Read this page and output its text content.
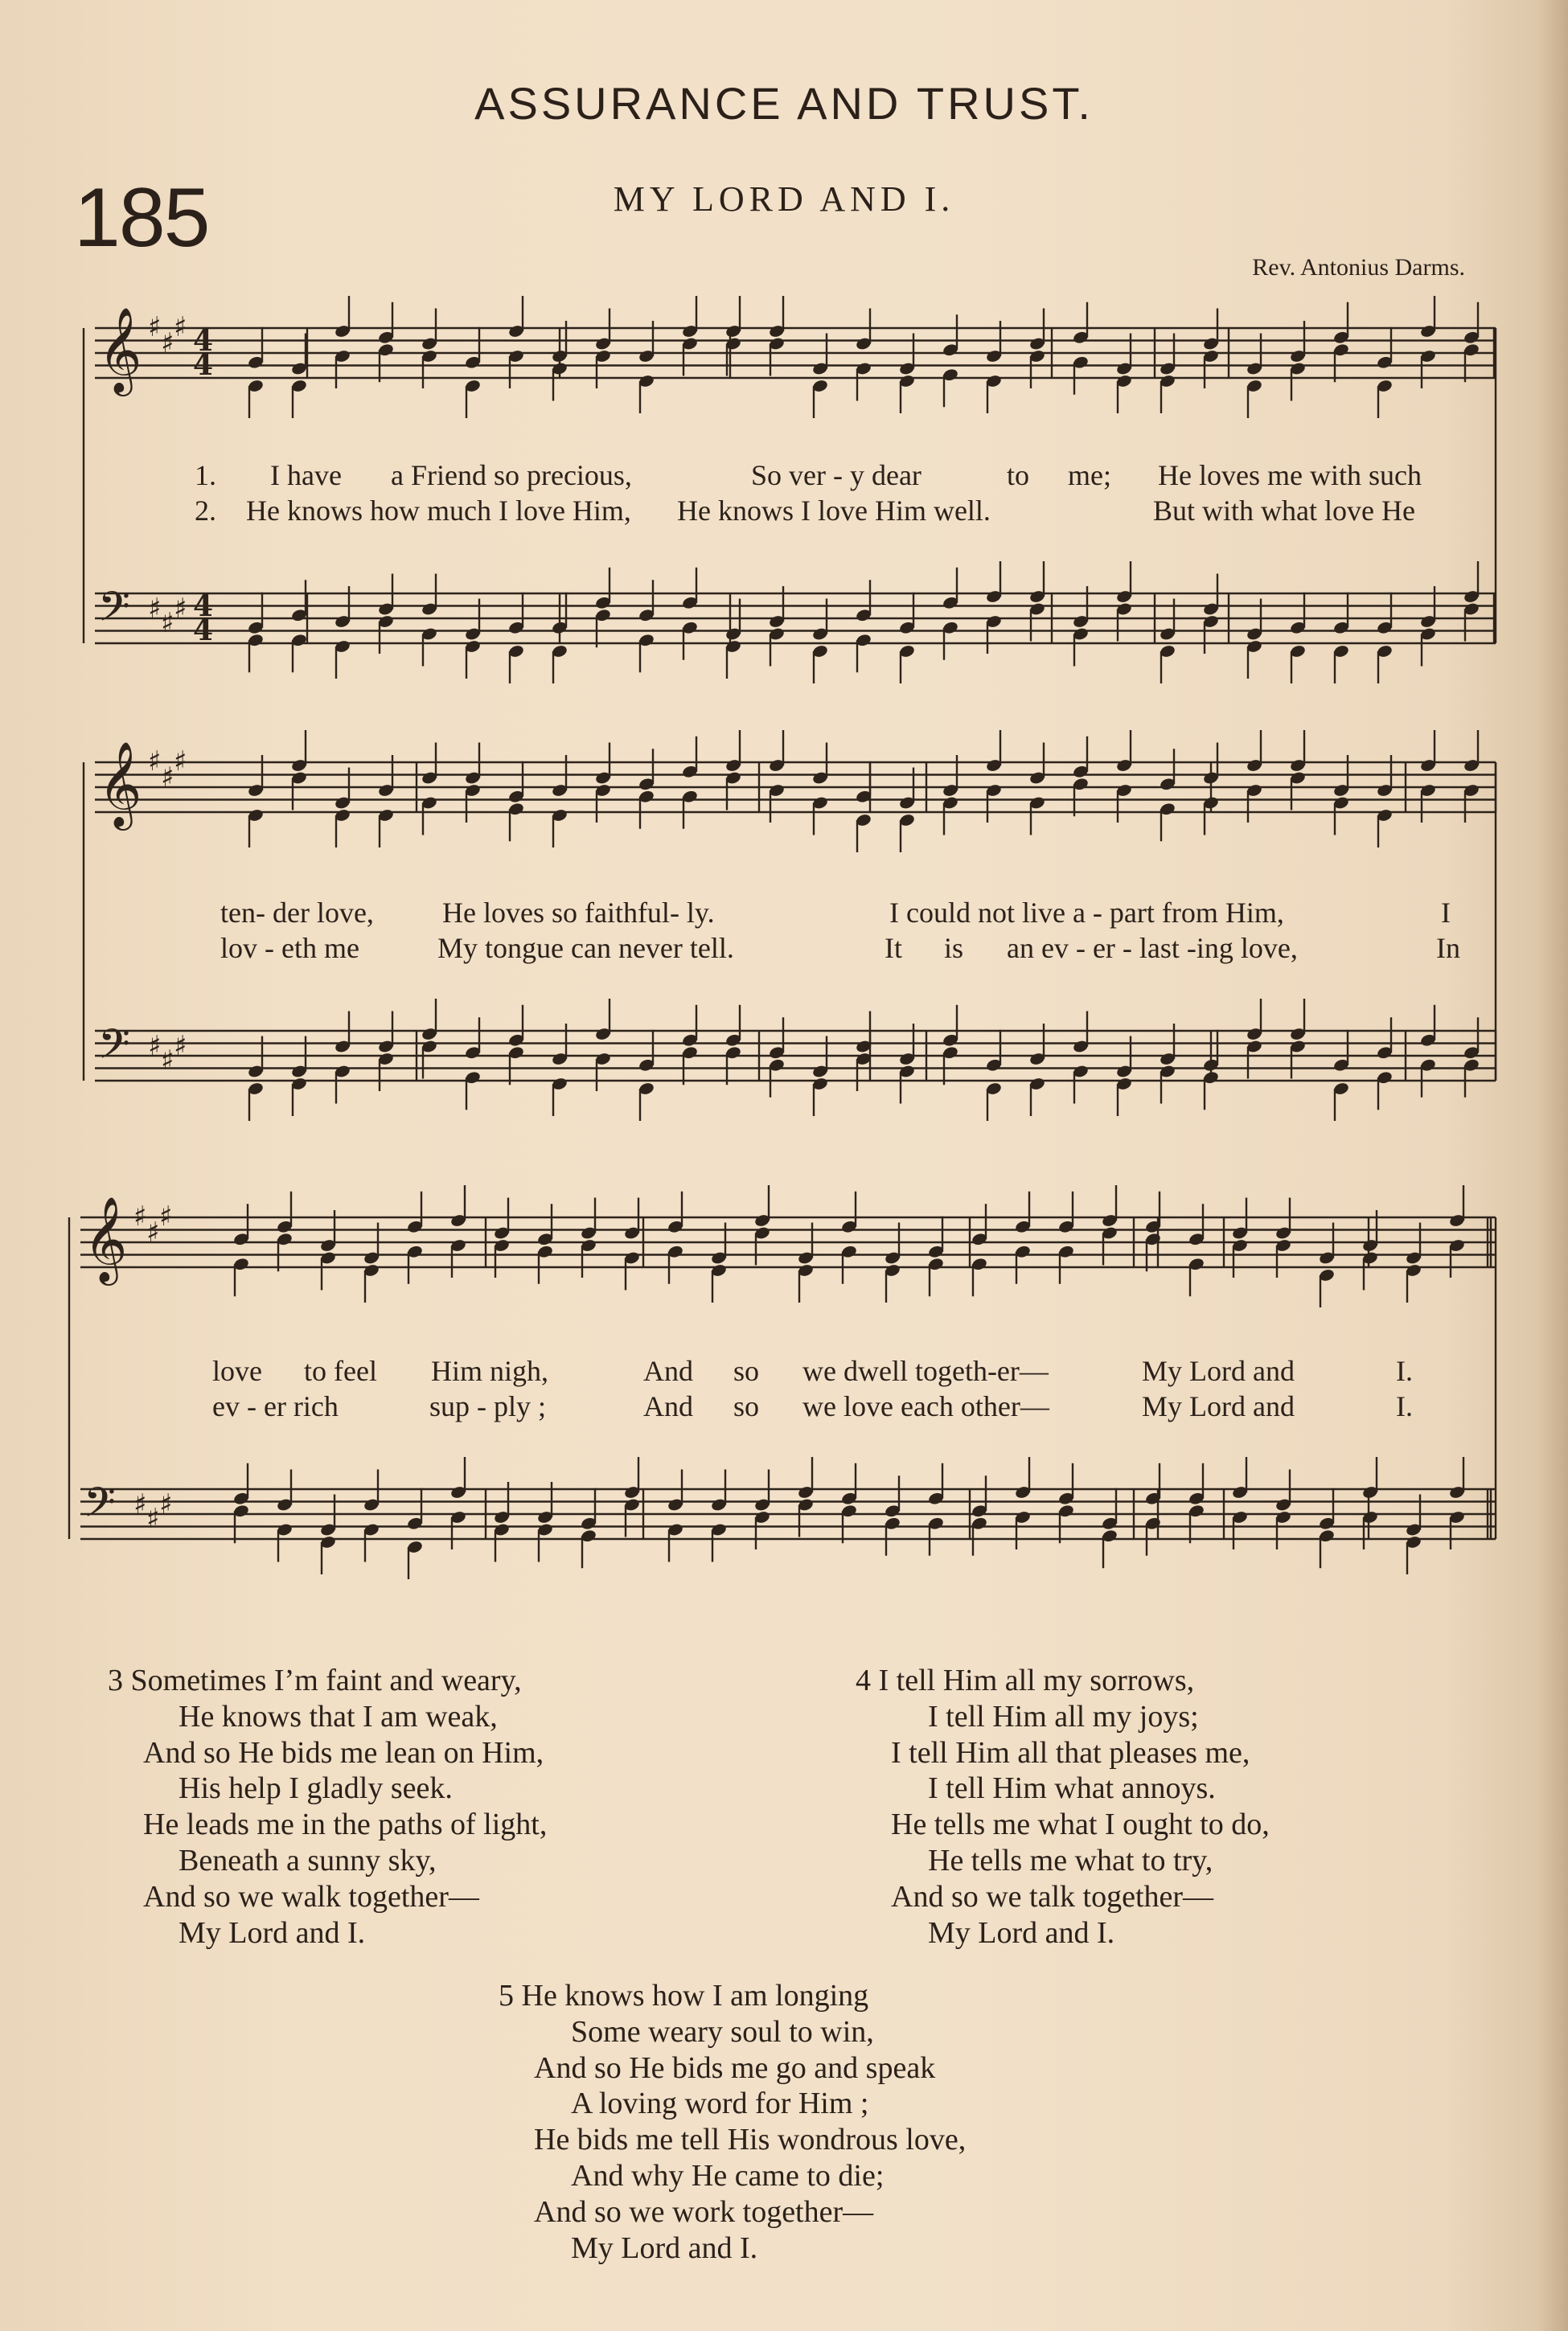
ASSURANCE AND TRUST.
185	MY LORD AND I.
Rev. Antonius Darms.
𝄞 ♯ ♯ ♯ 4
4
𝄢 ♯ ♯ ♯ 4
4
𝄞 ♯ ♯ ♯
𝄢 ♯ ♯ ♯
𝄞 ♯ ♯ ♯
𝄢 ♯ ♯ ♯
1. I have a Friend so precious,	So ver - y dear	to me; He loves me with such
2. He knows how much I love Him, He knows I love Him well.	But with what love He
ten- der love, He loves so faithful- ly.	I could not live a - part from Him,	I
lov - eth me	My tongue can never tell.	It is an ev - er - last -ing love,	In
love to feel Him nigh,	And so we dwell togeth-er—	My Lord and	I.
ev - er rich	sup - ply ;	And so we love each other—	My Lord and	I.
3 Sometimes I’m faint and weary,
He knows that I am weak,
And so He bids me lean on Him,
His help I gladly seek.
He leads me in the paths of light,
Beneath a sunny sky,
And so we walk together—
My Lord and I.
4 I tell Him all my sorrows,
I tell Him all my joys;
I tell Him all that pleases me,
I tell Him what annoys.
He tells me what I ought to do,
He tells me what to try,
And so we talk together—
My Lord and I.
5 He knows how I am longing
Some weary soul to win,
And so He bids me go and speak
A loving word for Him ;
He bids me tell His wondrous love,
And why He came to die;
And so we work together—
My Lord and I.
